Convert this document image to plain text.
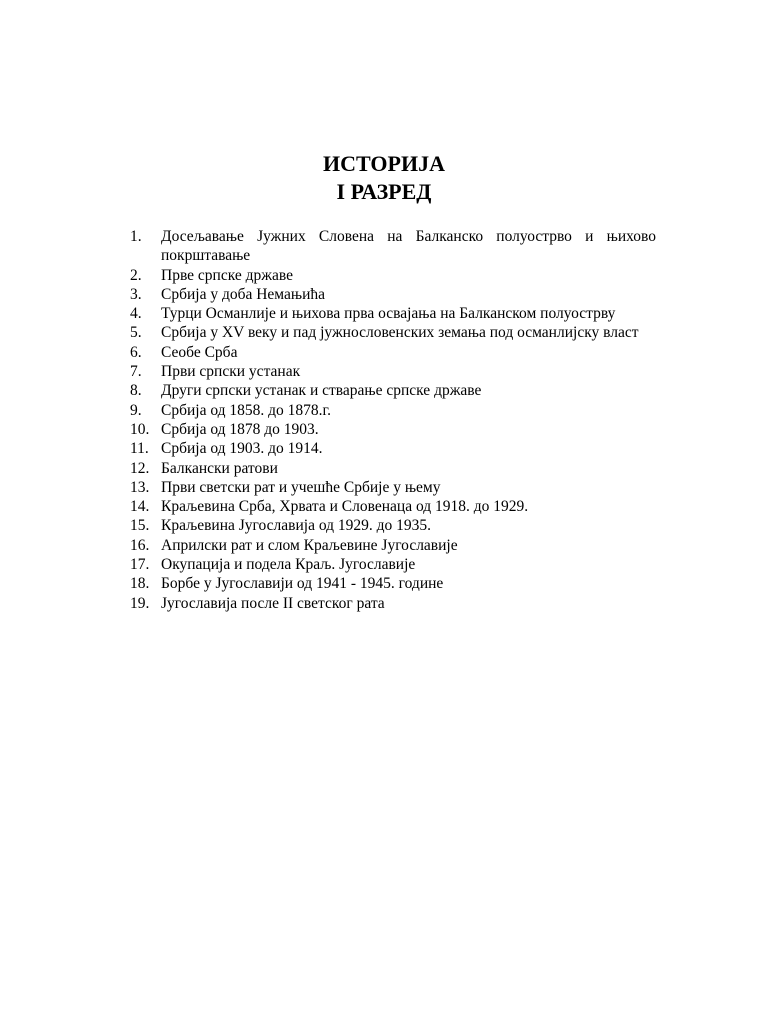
ИСТОРИЈА
I РАЗРЕД
1.	Досељавање Јужних Словена на Балканско полуострво и њихово покрштавање
2.	Прве српске државе
3.	Србија у доба Немањића
4.	Турци Османлије и њихова прва освајања на Балканском полуострву
5.	Србија у XV веку и пад јужнословенских земања под османлијску власт
6.	Сеобе Срба
7.	Први српски устанак
8.	Други српски устанак и стварање српске државе
9.	Србија од 1858. до 1878.г.
10. Србија од 1878 до 1903.
11. Србија од 1903. до 1914.
12. Балкански ратови
13. Први светски рат и учешће Србије у њему
14. Краљевина Срба, Хрвата и Словенаца од 1918. до 1929.
15. Краљевина Југославија од 1929. до 1935.
16. Априлски рат и слом Краљевине Југославије
17. Окупација и подела Краљ. Југославије
18. Борбе у Југославији од 1941 - 1945. године
19. Југославија после II светског рата
